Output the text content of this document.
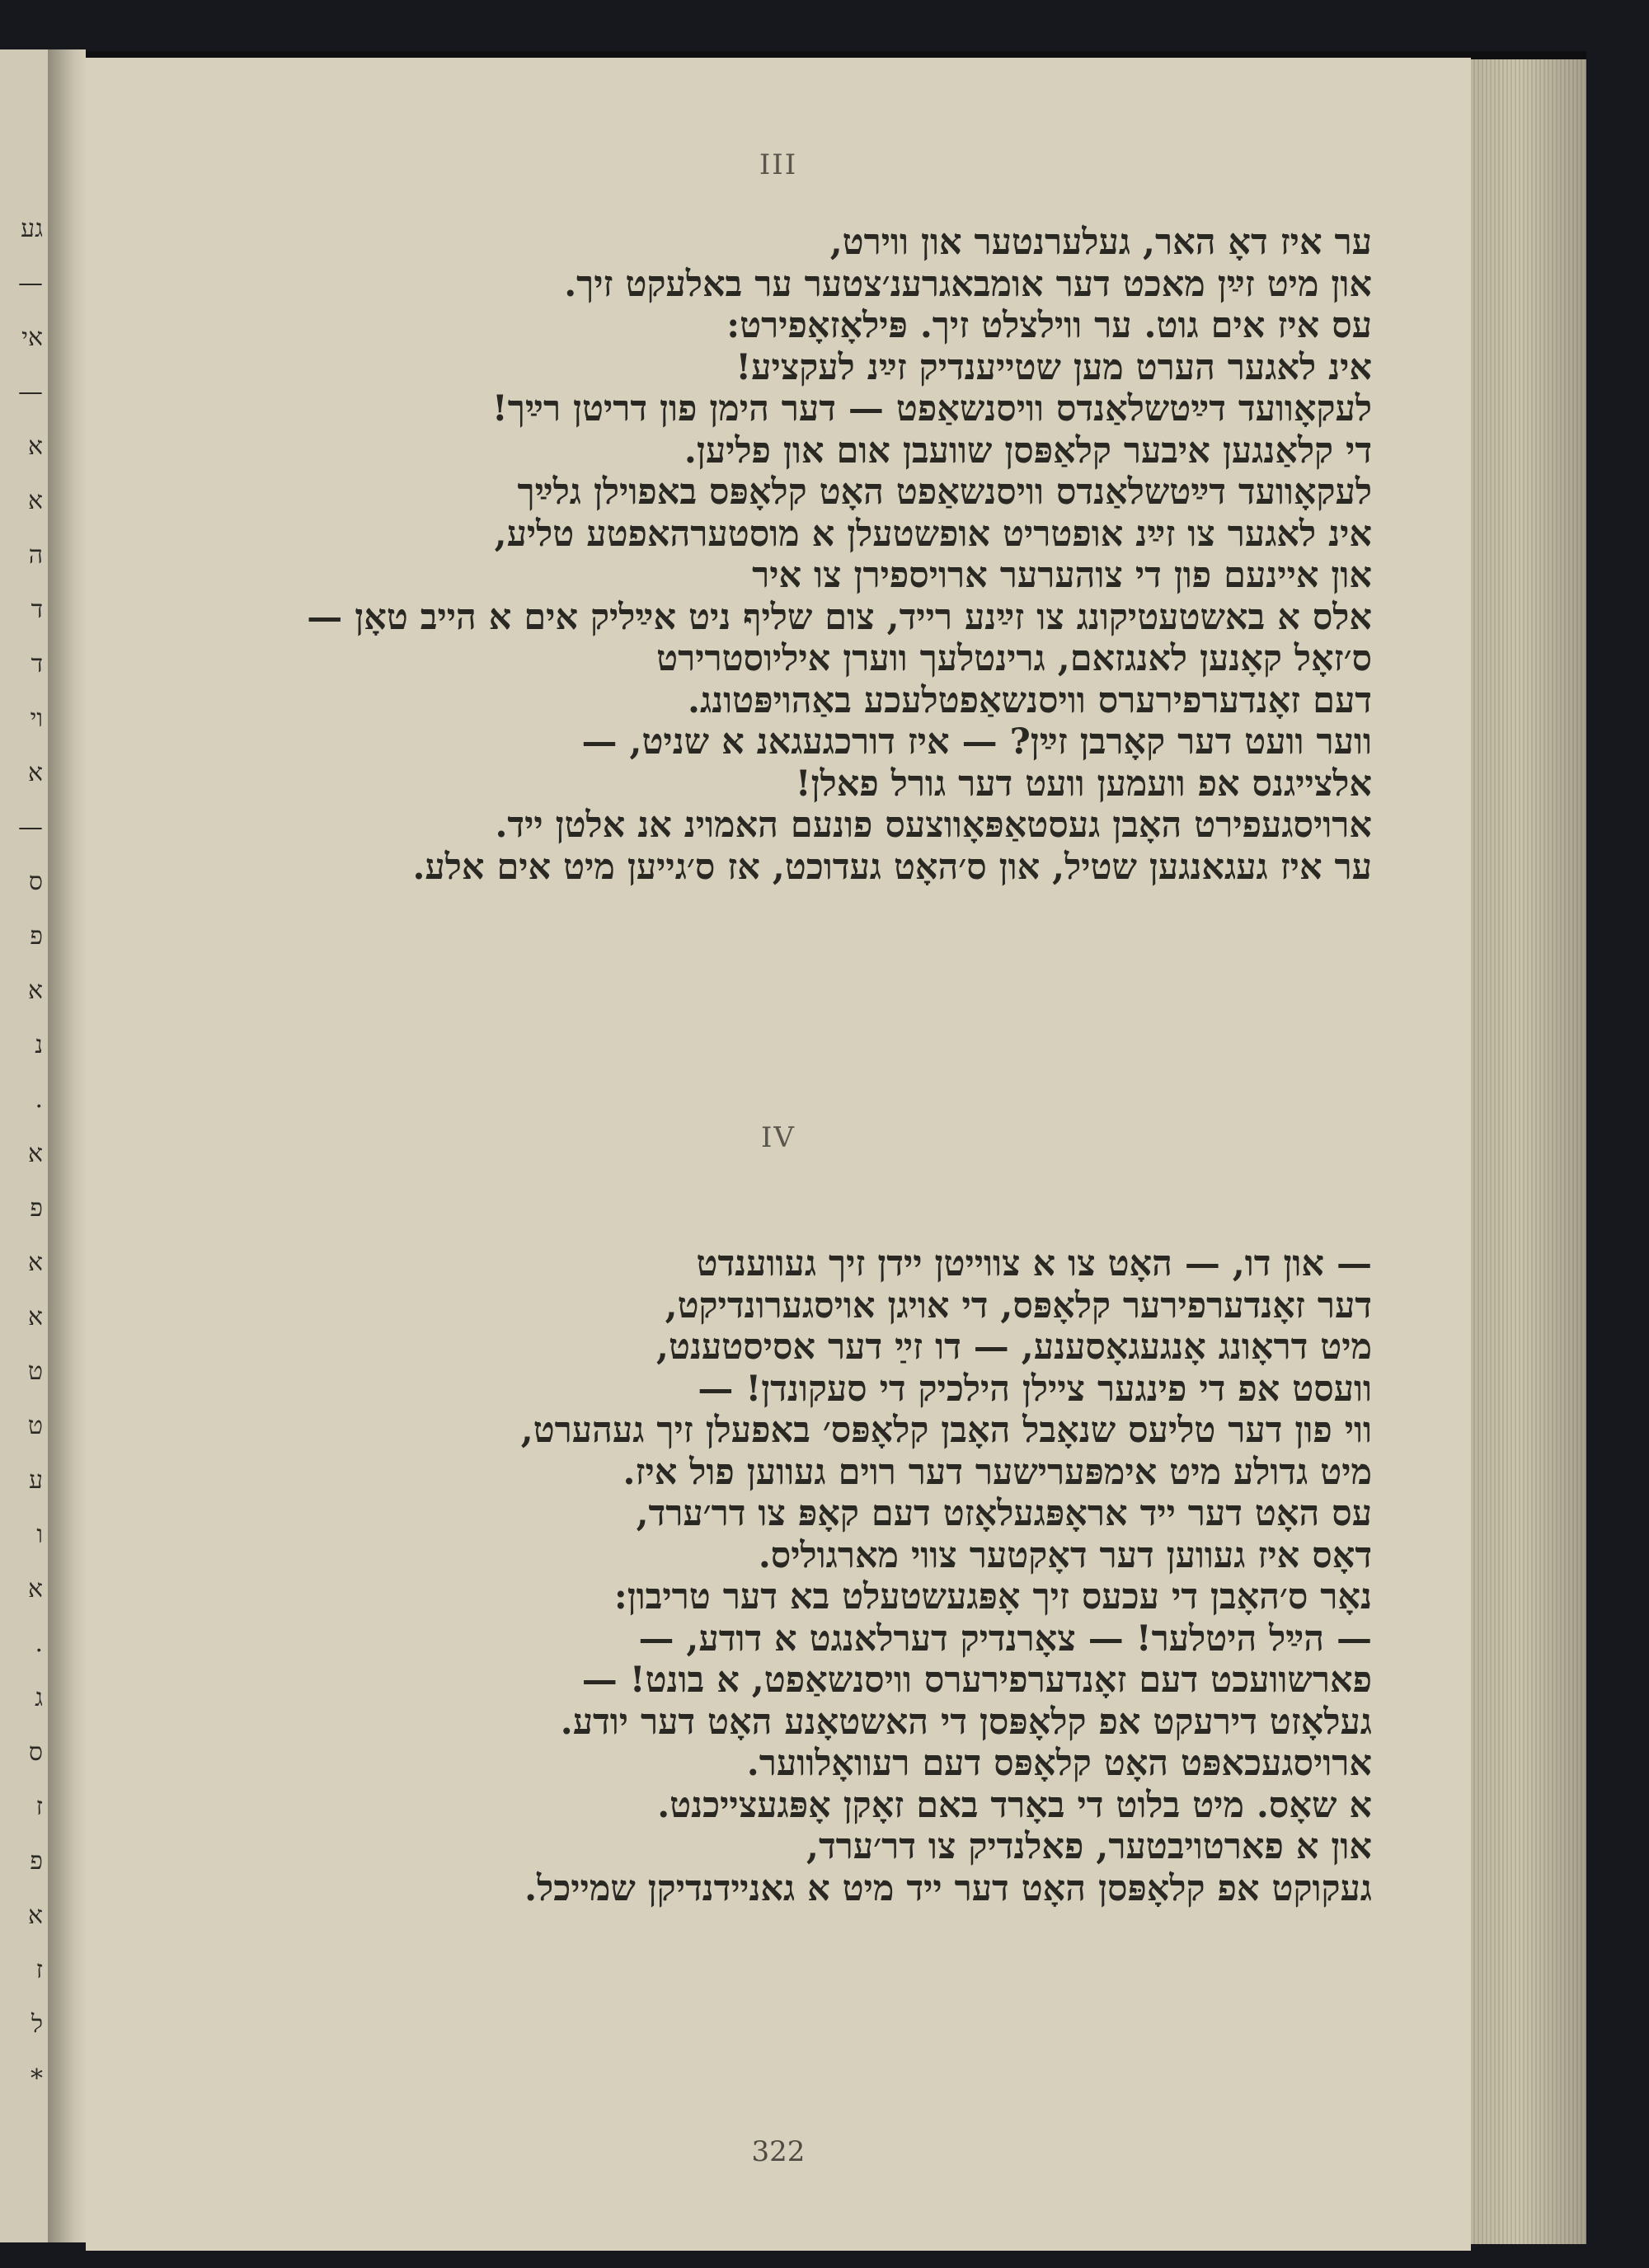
גע
—
אי
—
א
א
ה
ד
ד
וי
א
—
ס
פ
א
נ
.
א
פ
א
א
ט
ט
ע
ו
א
.
ג
ס
ז
פ
א
ז
ל
*
III
ער איז דאָ האר, געלערנטער און ווירט,
און מיט זײַן מאכט דער אומבאגרענ׳צטער ער באלעקט זיך.
עס איז אים גוט. ער ווילצלט זיך. פּילאָזאָפירט:
אינ לאגער הערט מען שטייענדיק זײַנ לעקציע!
לעקאָוועד דײַטשלאַנדס וויסנשאַפט — דער הימן פון דריטן רײַך!
די קלאַנגען איבער קלאַפּסן שוועבן אום און פליען.
לעקאָוועד דײַטשלאַנדס וויסנשאַפט האָט קלאָפּס באפוילן גלײַך
אינ לאגער צו זײַנ אופטריט אופשטעלן א מוסטערהאפטע טליע,
און איינעם פון די צוהערער ארויספירן צו איר
אלס א באשטעטיקונג צו זײַנע רייד, צום שליף ניט אײַליק אים א הייב טאָן —
ס׳זאָל קאָנען לאנגזאם, גרינטלעך ווערן איליוסטרירט
דעם זאָנדערפירערס וויסנשאַפטלעכע באַהויפּטונג.
ווער וועט דער קאָרבן זײַן? — איז דורכגעגאנ א שניט, —
אלצייגנס אפ וועמען וועט דער גורל פאלן!
ארויסגעפירט האָבן געסטאַפּאָווצעס פונעם האמוינ אנ אלטן ייד.
ער איז געגאנגען שטיל, און ס׳האָט געדוכט, אז ס׳גייען מיט אים אלע.
IV
— און דו, — האָט צו א צווייטן יידן זיך געווענדט
דער זאָנדערפירער קלאָפּס, די אויגן אויסגערונדיקט,
מיט דראָונג אָנגעגאָסענע, — דו זײַ דער אסיסטענט,
וועסט אפ די פינגער ציילן הילכיק די סעקונדן! —
ווי פון דער טליעס שנאָבל האָבן קלאָפּס׳ באפעלן זיך געהערט,
מיט גדולע מיט אימפּערישער דער רוים געווען פול איז.
עס האָט דער ייד אראָפּגעלאָזט דעם קאָפּ צו דר׳ערד,
דאָס איז געווען דער דאָקטער צווי מארגוליס.
נאָר ס׳האָבן די עכעס זיך אָפּגעשטעלט בא דער טריבון:
— הײַל היטלער! — צאָרנדיק דערלאנגט א דודע, —
פארשוועכט דעם זאָנדערפירערס וויסנשאַפט, א בונט! —
געלאָזט דירעקט אפ קלאָפּסן די האשטאָנע האָט דער יודע.
ארויסגעכאפּט האָט קלאָפּס דעם רעוואָלווער.
א שאָס. מיט בלוט די באָרד באם זאָקן אָפּגעצייכנט.
און א פארטויבטער, פאלנדיק צו דר׳ערד,
געקוקט אפ קלאָפּסן האָט דער ייד מיט א גאנײדנדיקן שמייכל.
322
